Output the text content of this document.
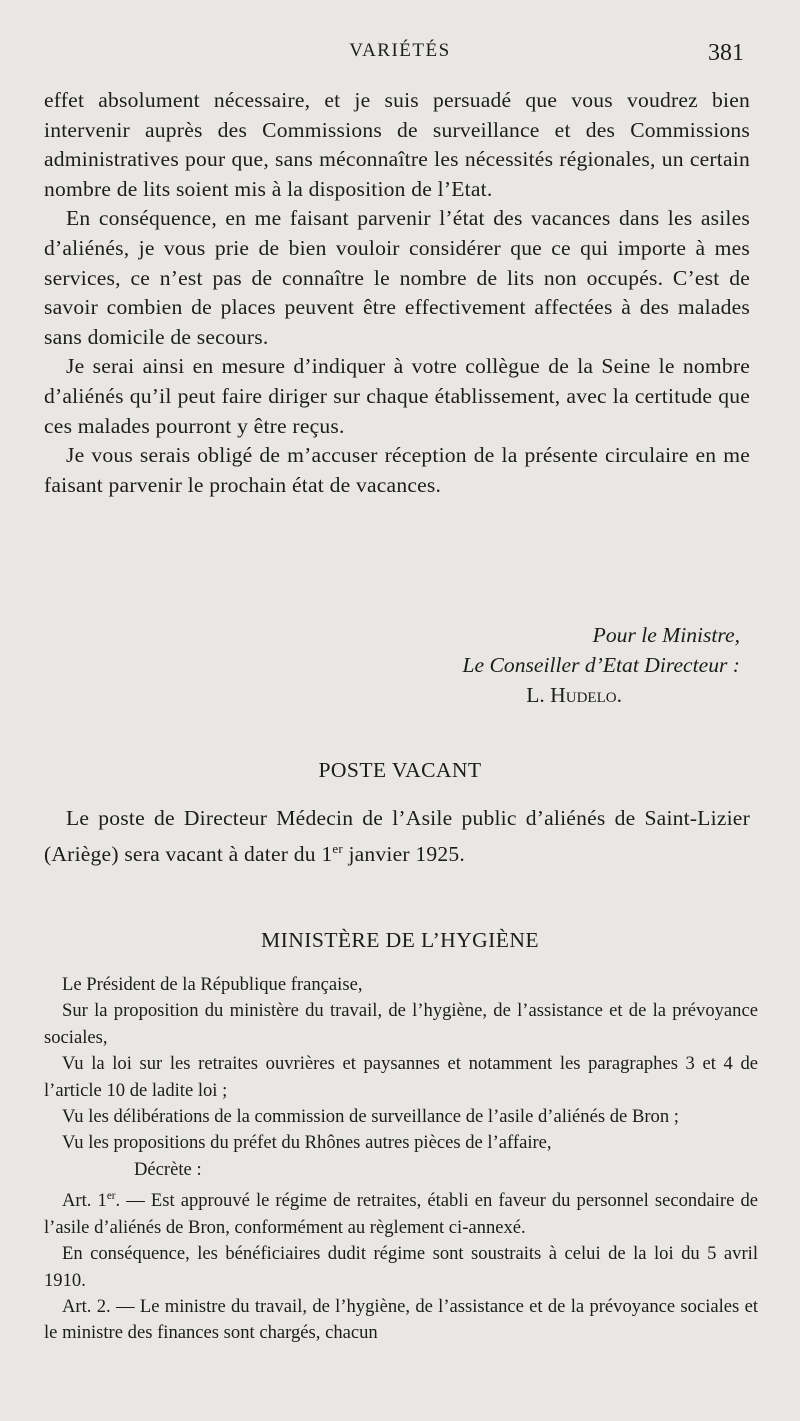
VARIÉTÉS	381

effet absolument nécessaire, et je suis persuadé que vous voudrez bien intervenir auprès des Commissions de surveillance et des Commissions administratives pour que, sans méconnaître les nécessités régionales, un certain nombre de lits soient mis à la disposition de l’Etat.

En conséquence, en me faisant parvenir l’état des vacances dans les asiles d’aliénés, je vous prie de bien vouloir considérer que ce qui importe à mes services, ce n’est pas de connaître le nombre de lits non occupés. C’est de savoir combien de places peuvent être effectivement affectées à des malades sans domicile de secours.

Je serai ainsi en mesure d’indiquer à votre collègue de la Seine le nombre d’aliénés qu’il peut faire diriger sur chaque établissement, avec la certitude que ces malades pourront y être reçus.

Je vous serais obligé de m’accuser réception de la présente circulaire en me faisant parvenir le prochain état de vacances.

Pour le Ministre,
Le Conseiller d’Etat Directeur :
L. Hudelo.
POSTE VACANT

Le poste de Directeur Médecin de l’Asile public d’aliénés de Saint-Lizier (Ariège) sera vacant à dater du 1er janvier 1925.

MINISTÈRE DE L’HYGIÈNE

Le Président de la République française,

Sur la proposition du ministère du travail, de l’hygiène, de l’assistance et de la prévoyance sociales,

Vu la loi sur les retraites ouvrières et paysannes et notamment les paragraphes 3 et 4 de l’article 10 de ladite loi ;

Vu les délibérations de la commission de surveillance de l’asile d’aliénés de Bron ;

Vu les propositions du préfet du Rhônes autres pièces de l’affaire,

Décrète :

Art. 1er. — Est approuvé le régime de retraites, établi en faveur du personnel secondaire de l’asile d’aliénés de Bron, conformément au règlement ci-annexé.

En conséquence, les bénéficiaires dudit régime sont soustraits à celui de la loi du 5 avril 1910.

Art. 2. — Le ministre du travail, de l’hygiène, de l’assistance et de la prévoyance sociales et le ministre des finances sont chargés, chacun
